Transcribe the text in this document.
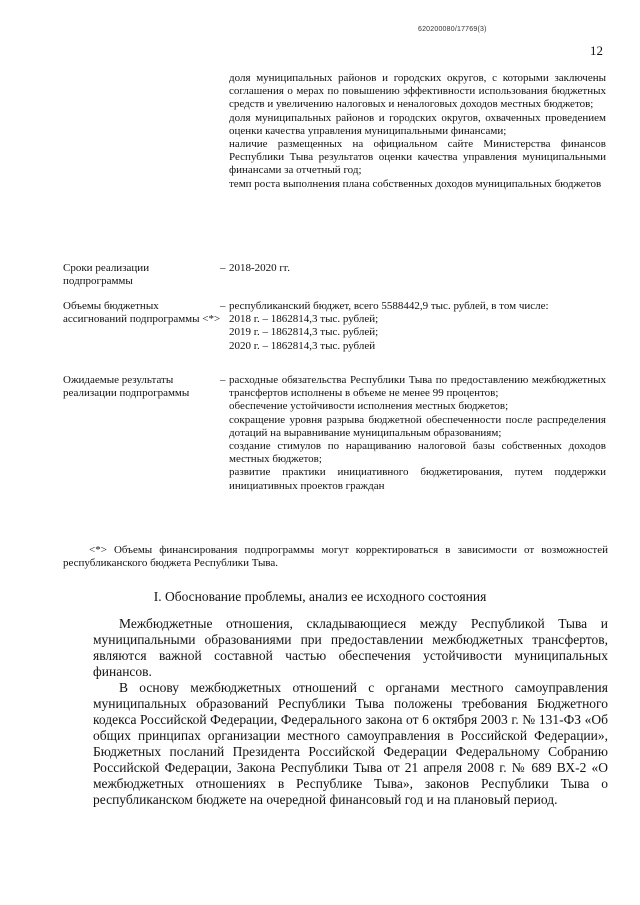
620200080/17769(3)
12

доля муниципальных районов и городских округов, с которыми заключены соглашения о мерах по повышению эффективности использования бюджетных средств и увеличению налоговых и неналоговых доходов местных бюджетов;

доля муниципальных районов и городских округов, охваченных проведением оценки качества управления муниципальными финансами;

наличие размещенных на официальном сайте Министерства финансов Республики Тыва результатов оценки качества управления муниципальными финансами за отчетный год;

темп роста выполнения плана собственных доходов муниципальных бюджетов

Сроки реализации подпрограммы
– 2018-2020 гг.
Объемы бюджетных ассигнований подпрограммы <*>
– республиканский бюджет, всего 5588442,9 тыс. рублей, в том числе:

2018 г. – 1862814,3 тыс. рублей;

2019 г. – 1862814,3 тыс. рублей;

2020 г. – 1862814,3 тыс. рублей

Ожидаемые результаты реализации подпрограммы
– расходные обязательства Республики Тыва по предоставлению межбюджетных трансфертов исполнены в объеме не менее 99 процентов;

обеспечение устойчивости исполнения местных бюджетов;

сокращение уровня разрыва бюджетной обеспеченности после распределения дотаций на выравнивание муниципальным образованиям;

создание стимулов по наращиванию налоговой базы собственных доходов местных бюджетов;

развитие практики инициативного бюджетирования, путем поддержки инициативных проектов граждан

<*> Объемы финансирования подпрограммы могут корректироваться в зависимости от возможностей республиканского бюджета Республики Тыва.

I. Обоснование проблемы, анализ ее исходного состояния

Межбюджетные отношения, складывающиеся между Республикой Тыва и муниципальными образованиями при предоставлении межбюджетных трансфертов, являются важной составной частью обеспечения устойчивости муниципальных финансов.

В основу межбюджетных отношений с органами местного самоуправления муниципальных образований Республики Тыва положены требования Бюджетного кодекса Российской Федерации, Федерального закона от 6 октября 2003 г. № 131-ФЗ «Об общих принципах организации местного самоуправления в Российской Федерации», Бюджетных посланий Президента Российской Федерации Федеральному Собранию Российской Федерации, Закона Республики Тыва от 21 апреля 2008 г. № 689 ВХ-2 «О межбюджетных отношениях в Республике Тыва», законов Республики Тыва о республиканском бюджете на очередной финансовый год и на плановый период.
